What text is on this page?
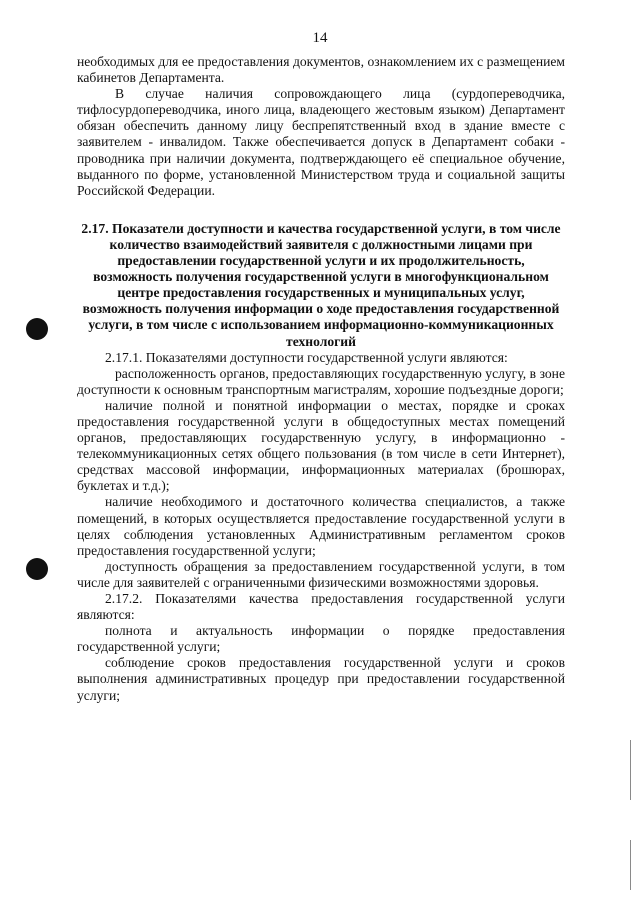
14

необходимых для ее предоставления документов, ознакомлением их с размещением кабинетов Департамента.

В случае наличия сопровождающего лица (сурдопереводчика, тифлосурдопереводчика, иного лица, владеющего жестовым языком) Департамент обязан обеспечить данному лицу беспрепятственный вход в здание вместе с заявителем - инвалидом. Также обеспечивается допуск в Департамент собаки - проводника при наличии документа, подтверждающего её специальное обучение, выданного по форме, установленной Министерством труда и социальной защиты Российской Федерации.

2.17. Показатели доступности и качества государственной услуги, в том числе количество взаимодействий заявителя с должностными лицами при предоставлении государственной услуги и их продолжительность, возможность получения государственной услуги в многофункциональном центре предоставления государственных и муниципальных услуг, возможность получения информации о ходе предоставления государственной услуги, в том числе с использованием информационно-коммуникационных технологий

2.17.1. Показателями доступности государственной услуги являются:

расположенность органов, предоставляющих государственную услугу, в зоне доступности к основным транспортным магистралям, хорошие подъездные дороги;

наличие полной и понятной информации о местах, порядке и сроках предоставления государственной услуги в общедоступных местах помещений органов, предоставляющих государственную услугу, в информационно - телекоммуникационных сетях общего пользования (в том числе в сети Интернет), средствах массовой информации, информационных материалах (брошюрах, буклетах и т.д.);

наличие необходимого и достаточного количества специалистов, а также помещений, в которых осуществляется предоставление государственной услуги в целях соблюдения установленных Административным регламентом сроков предоставления государственной услуги;

доступность обращения за предоставлением государственной услуги, в том числе для заявителей с ограниченными физическими возможностями здоровья.

2.17.2. Показателями качества предоставления государственной услуги являются:

полнота и актуальность информации о порядке предоставления государственной услуги;

соблюдение сроков предоставления государственной услуги и сроков выполнения административных процедур при предоставлении государственной услуги;
